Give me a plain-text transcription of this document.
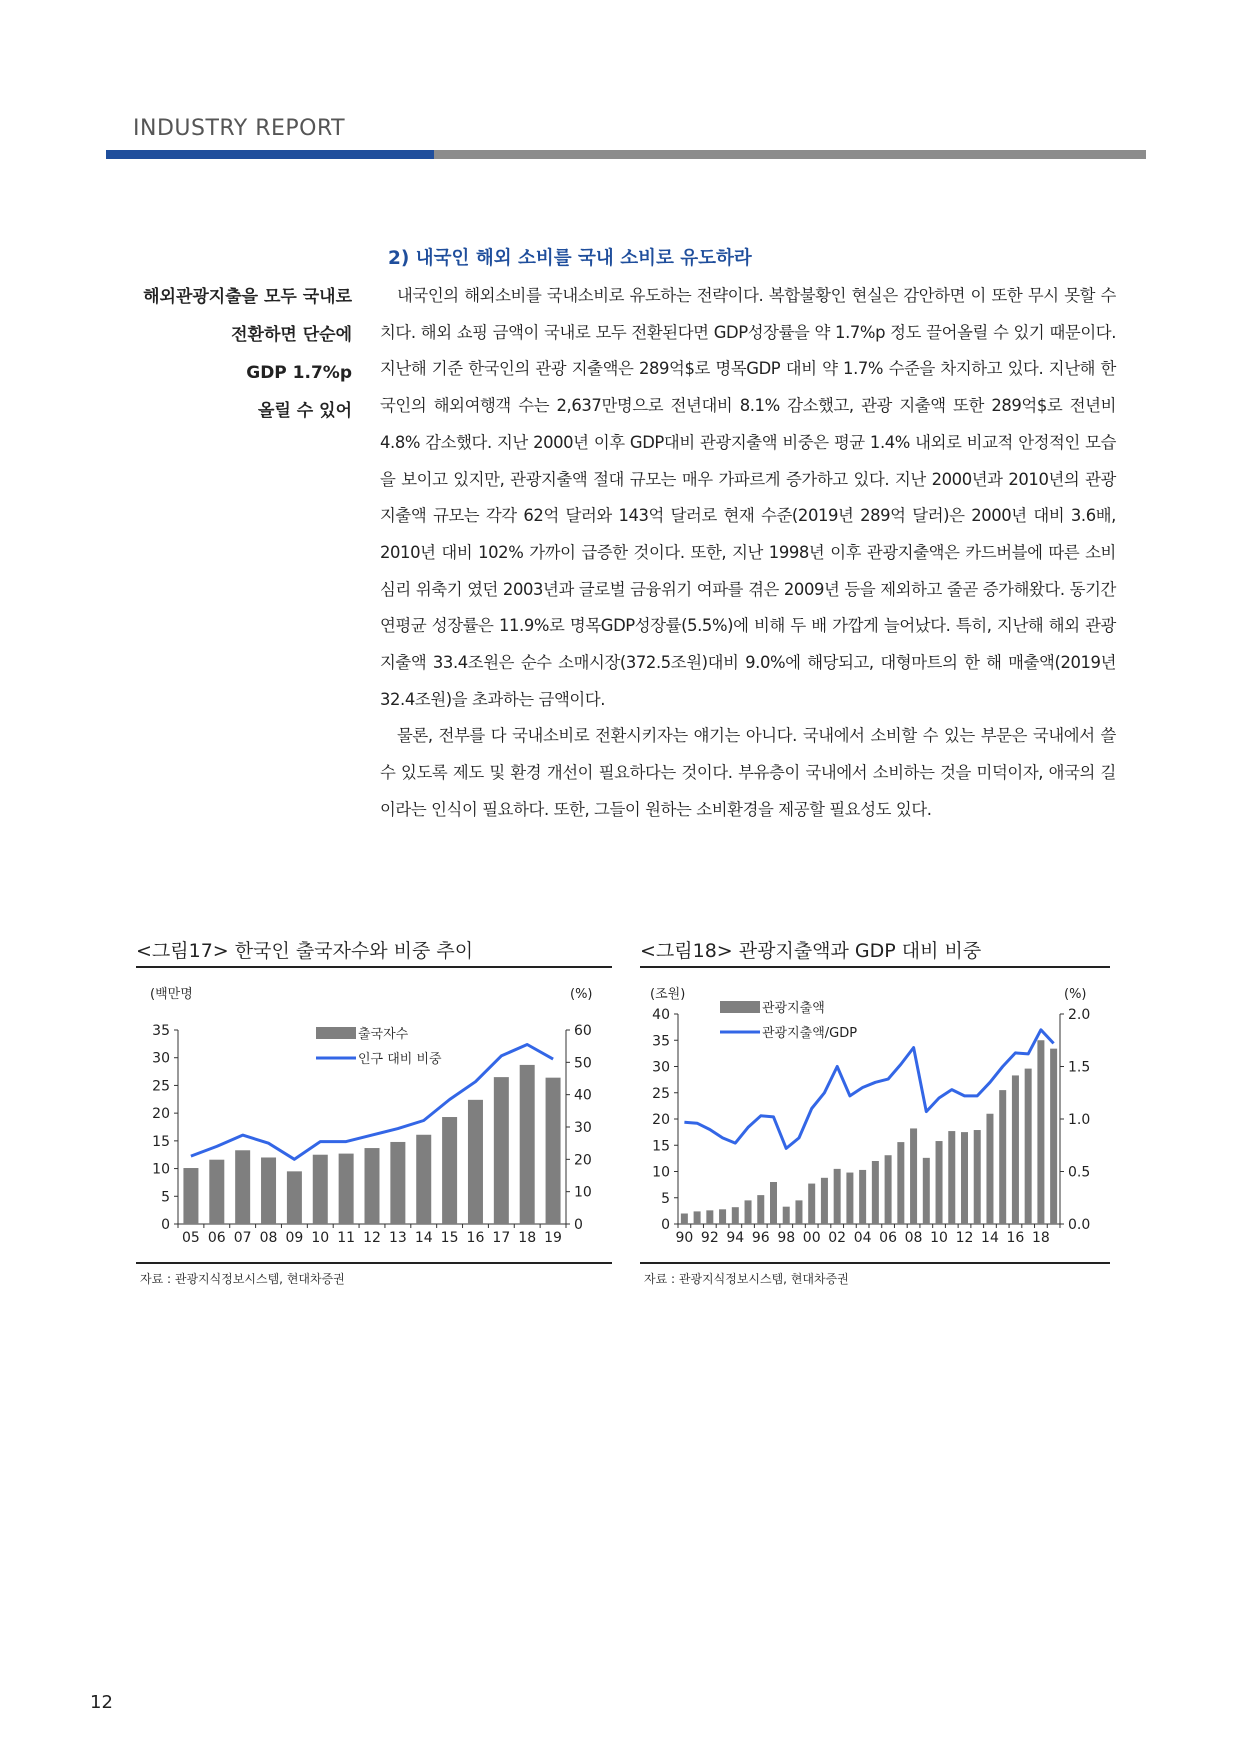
INDUSTRY REPORT
2) 내국인 해외 소비를 국내 소비로 유도하라
해외관광지출을 모두 국내로
전환하면 단순에
GDP 1.7%p
올릴 수 있어

내국인의 해외소비를 국내소비로 유도하는 전략이다. 복합불황인 현실은 감안하면 이 또한 무시 못할 수치다. 해외 쇼핑 금액이 국내로 모두 전환된다면 GDP성장률을 약 1.7%p 정도 끌어올릴 수 있기 때문이다. 지난해 기준 한국인의 관광 지출액은 289억$로 명목GDP 대비 약 1.7% 수준을 차지하고 있다. 지난해 한국인의 해외여행객 수는 2,637만명으로 전년대비 8.1% 감소했고, 관광 지출액 또한 289억$로 전년비 4.8% 감소했다. 지난 2000년 이후 GDP대비 관광지출액 비중은 평균 1.4% 내외로 비교적 안정적인 모습을 보이고 있지만, 관광지출액 절대 규모는 매우 가파르게 증가하고 있다. 지난 2000년과 2010년의 관광지출액 규모는 각각 62억 달러와 143억 달러로 현재 수준(2019년 289억 달러)은 2000년 대비 3.6배, 2010년 대비 102% 가까이 급증한 것이다. 또한, 지난 1998년 이후 관광지출액은 카드버블에 따른 소비심리 위축기 였던 2003년과 글로벌 금융위기 여파를 겪은 2009년 등을 제외하고 줄곧 증가해왔다. 동기간 연평균 성장률은 11.9%로 명목GDP성장률(5.5%)에 비해 두 배 가깝게 늘어났다. 특히, 지난해 해외 관광지출액 33.4조원은 순수 소매시장(372.5조원)대비 9.0%에 해당되고, 대형마트의 한 해 매출액(2019년 32.4조원)을 초과하는 금액이다.

물론, 전부를 다 국내소비로 전환시키자는 얘기는 아니다. 국내에서 소비할 수 있는 부문은 국내에서 쓸 수 있도록 제도 및 환경 개선이 필요하다는 것이다. 부유층이 국내에서 소비하는 것을 미덕이자, 애국의 길이라는 인식이 필요하다. 또한, 그들이 원하는 소비환경을 제공할 필요성도 있다.

<그림17> 한국인 출국자수와 비중 추이
(백만명	(%)
0
5
10
15
20
25
30
35
0
10
20
30
40
50
60
05 06 07 08 09 10 11 12 13 14 15 16 17 18 19
출국자수
인구 대비 비중
자료 : 관광지식정보시스템, 현대차증권
<그림18> 관광지출액과 GDP 대비 비중
(조원)	(%)
0
5
10
15
20
25
30
35
40
0.0
0.5
1.0
1.5
2.0
90 92 94 96 98 00 02 04 06 08 10 12 14 16 18
관광지출액
관광지출액/GDP
자료 : 관광지식정보시스템, 현대차증권
12
